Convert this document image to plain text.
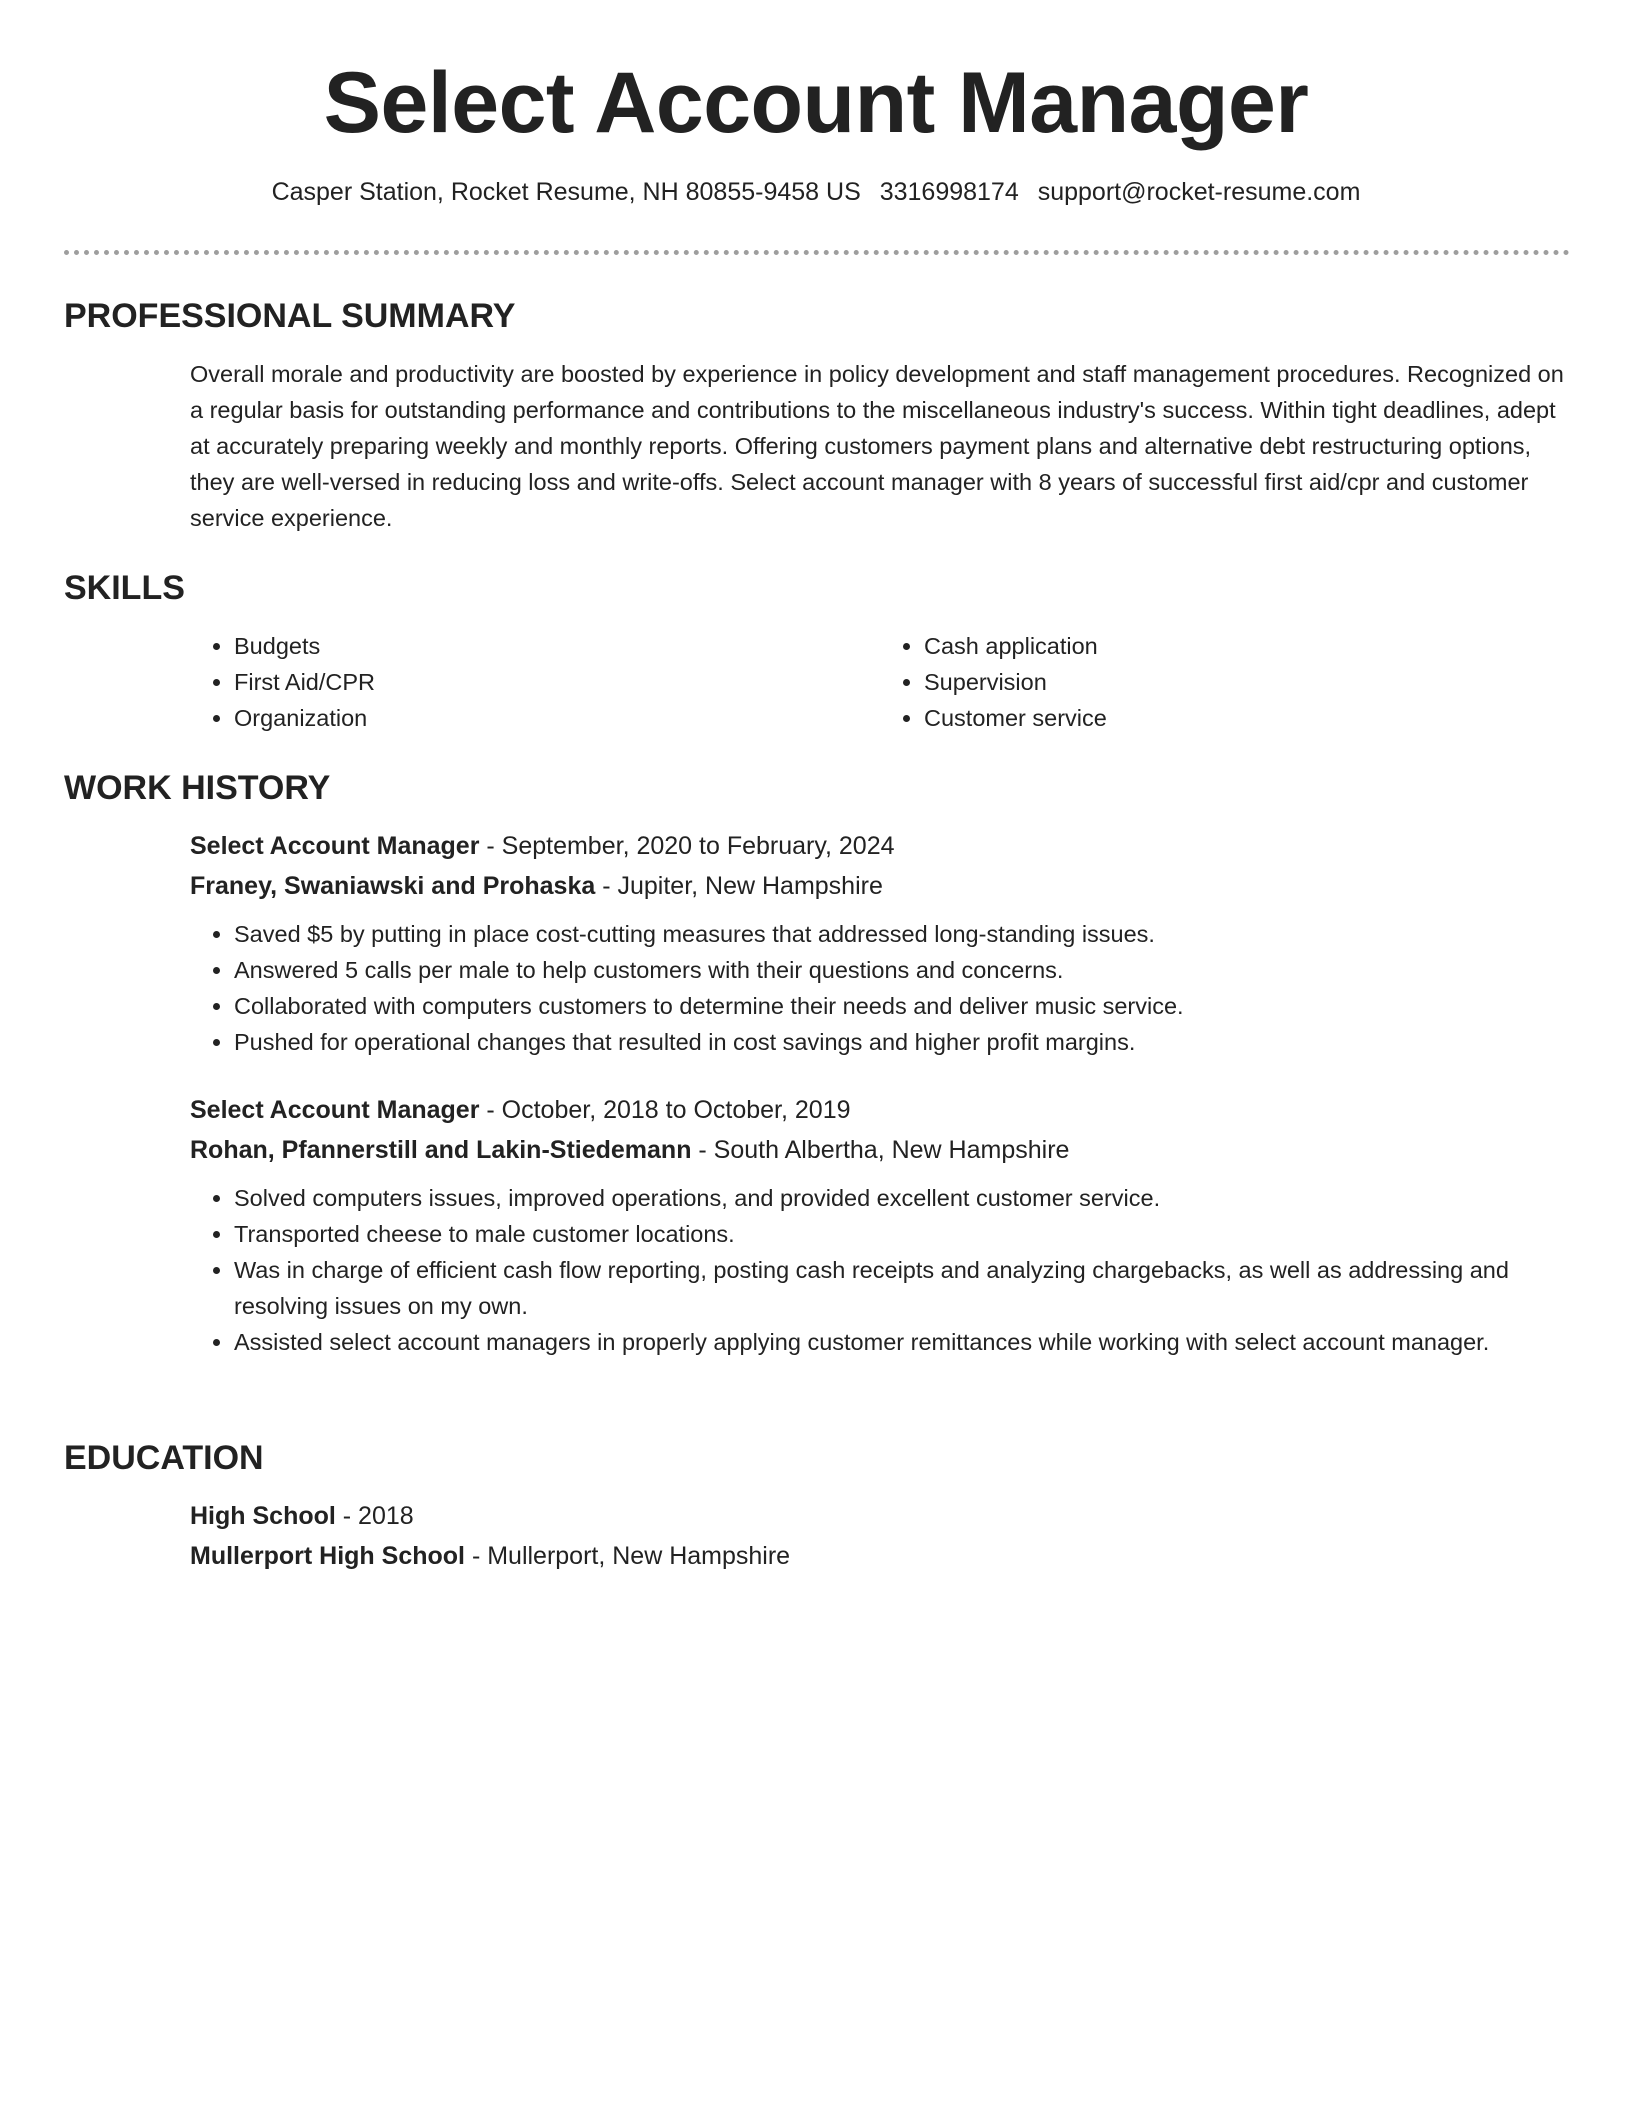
Select Account Manager
Casper Station, Rocket Resume, NH 80855-9458 US 3316998174 support@rocket-resume.com
PROFESSIONAL SUMMARY
Overall morale and productivity are boosted by experience in policy development and staff management procedures. Recognized on a regular basis for outstanding performance and contributions to the miscellaneous industry's success. Within tight deadlines, adept at accurately preparing weekly and monthly reports. Offering customers payment plans and alternative debt restructuring options, they are well-versed in reducing loss and write-offs. Select account manager with 8 years of successful first aid/cpr and customer service experience.
SKILLS
• Budgets
• First Aid/CPR
• Organization
• Cash application
• Supervision
• Customer service
WORK HISTORY
Select Account Manager - September, 2020 to February, 2024
Franey, Swaniawski and Prohaska - Jupiter, New Hampshire
• Saved $5 by putting in place cost-cutting measures that addressed long-standing issues.
• Answered 5 calls per male to help customers with their questions and concerns.
• Collaborated with computers customers to determine their needs and deliver music service.
• Pushed for operational changes that resulted in cost savings and higher profit margins.
Select Account Manager - October, 2018 to October, 2019
Rohan, Pfannerstill and Lakin-Stiedemann - South Albertha, New Hampshire
• Solved computers issues, improved operations, and provided excellent customer service.
• Transported cheese to male customer locations.
• Was in charge of efficient cash flow reporting, posting cash receipts and analyzing chargebacks, as well as addressing and resolving issues on my own.
• Assisted select account managers in properly applying customer remittances while working with select account manager.
EDUCATION
High School - 2018
Mullerport High School - Mullerport, New Hampshire
